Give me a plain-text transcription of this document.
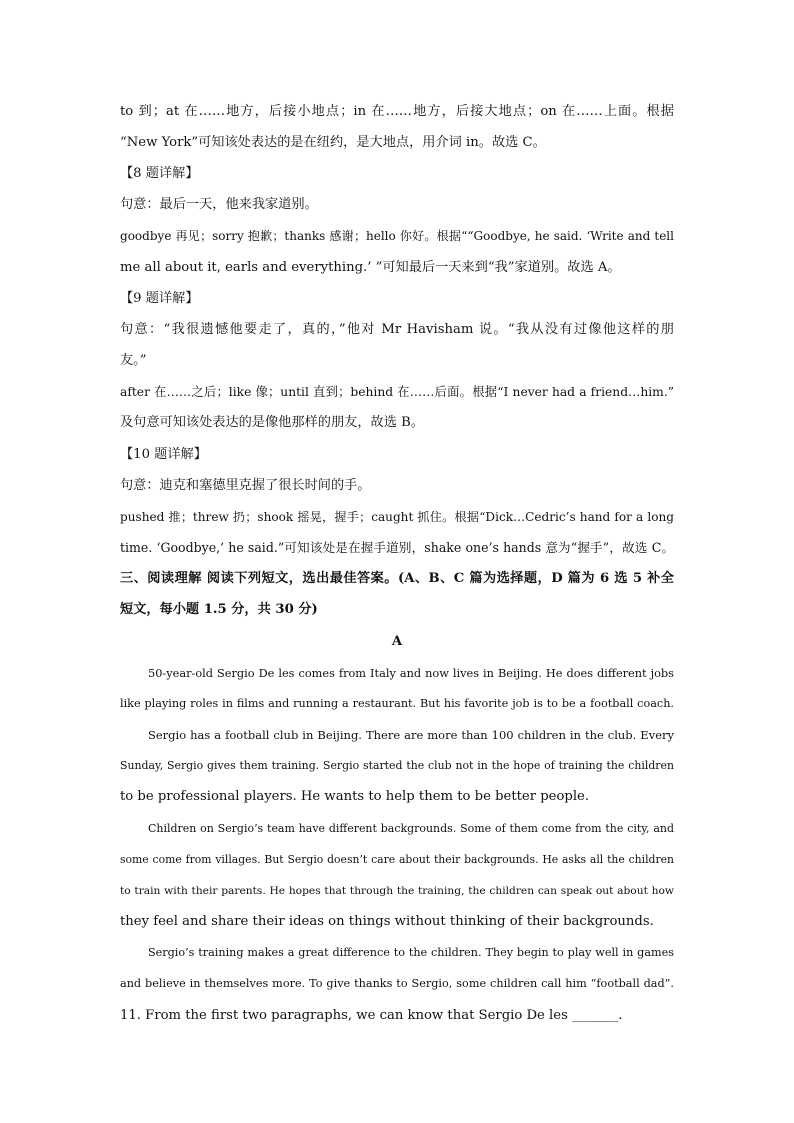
to 到；at 在……地方，后接小地点；in 在……地方，后接大地点；on 在……上面。根据
“New York”可知该处表达的是在纽约，是大地点，用介词 in。故选 C。
【8 题详解】
句意：最后一天，他来我家道别。
goodbye 再见；sorry 抱歉；thanks 感谢；hello 你好。根据““Goodbye, he said. ‘Write and tell
me all about it, earls and everything.’ ”可知最后一天来到“我”家道别。故选 A。
【9 题详解】
句意：“我很遗憾他要走了，真的，”他对 Mr Havisham 说。“我从没有过像他这样的朋
友。”
after 在……之后；like 像；until 直到；behind 在……后面。根据“I never had a friend…him.”
及句意可知该处表达的是像他那样的朋友，故选 B。
【10 题详解】
句意：迪克和塞德里克握了很长时间的手。
pushed 推；threw 扔；shook 摇晃，握手；caught 抓住。根据“Dick…Cedric’s hand for a long
time. ‘Goodbye,’ he said.”可知该处是在握手道别，shake one’s hands 意为“握手”，故选 C。
三、阅读理解 阅读下列短文，选出最佳答案。(A、B、C 篇为选择题，D 篇为 6 选 5 补全
短文，每小题 1.5 分，共 30 分)
A
50-year-old Sergio De les comes from Italy and now lives in Beijing. He does different jobs
like playing roles in films and running a restaurant. But his favorite job is to be a football coach.
Sergio has a football club in Beijing. There are more than 100 children in the club. Every
Sunday, Sergio gives them training. Sergio started the club not in the hope of training the children
to be professional players. He wants to help them to be better people.
Children on Sergio’s team have different backgrounds. Some of them come from the city, and
some come from villages. But Sergio doesn’t care about their backgrounds. He asks all the children
to train with their parents. He hopes that through the training, the children can speak out about how
they feel and share their ideas on things without thinking of their backgrounds.
Sergio’s training makes a great difference to the children. They begin to play well in games
and believe in themselves more. To give thanks to Sergio, some children call him “football dad”.
11. From the first two paragraphs, we can know that Sergio De les _______.
